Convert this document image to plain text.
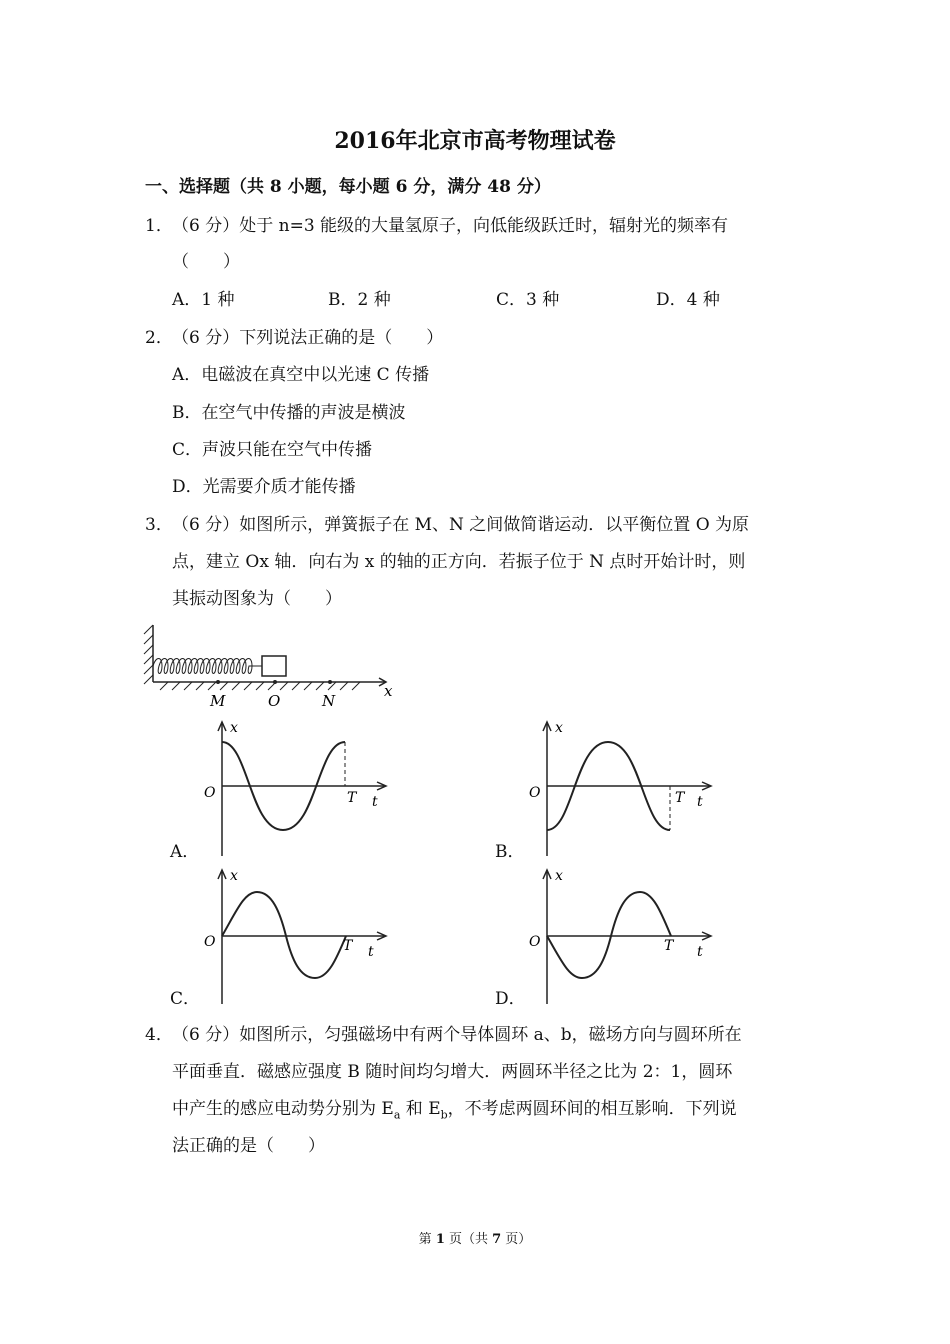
2016年北京市高考物理试卷
一、选择题（共 8 小题，每小题 6 分，满分 48 分）
1． （6 分）处于 n=3 能级的大量氢原子，向低能级跃迁时，辐射光的频率有
（　　）
A．1 种	B．2 种	C．3 种	D．4 种
2． （6 分）下列说法正确的是（　　）
A．电磁波在真空中以光速 C 传播
B．在空气中传播的声波是横波
C．声波只能在空气中传播
D．光需要介质才能传播
3． （6 分）如图所示，弹簧振子在 M、N 之间做简谐运动．以平衡位置 O 为原
点，建立 Ox 轴．向右为 x 的轴的正方向．若振子位于 N 点时开始计时，则
其振动图象为（　　）
M	O	N
x
x
O	T t
A．
x
O	T t
B．
x
O	T t
C．
x
O	T t
D．
4． （6 分）如图所示，匀强磁场中有两个导体圆环 a、b，磁场方向与圆环所在
平面垂直．磁感应强度 B 随时间均匀增大．两圆环半径之比为 2：1，圆环
中产生的感应电动势分别为 $E_a$ 和 $E_b$，不考虑两圆环间的相互影响．下列说
法正确的是（　　）
第 1 页（共 7 页）
